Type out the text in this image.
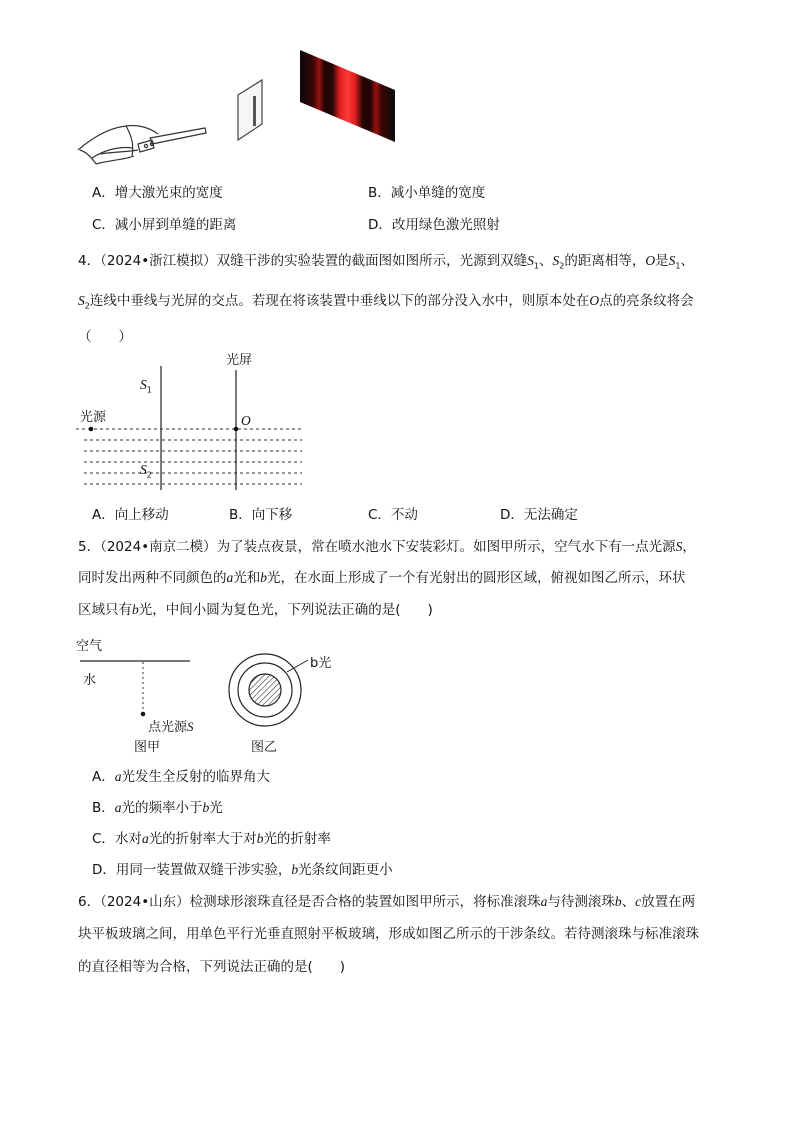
A．增大激光束的宽度	B．减小单缝的宽度
C．减小屏到单缝的距离	D．改用绿色激光照射
4．（2024•浙江模拟）双缝干涉的实验装置的截面图如图所示，光源到双缝$S_1$、$S_2$的距离相等，O是$S_1$、
$S_2$连线中垂线与光屏的交点。若现在将该装置中垂线以下的部分没入水中，则原本处在O点的亮条纹将会
（　　）
光屏
$S_1$
光源	O
$S_2$
A．向上移动	B．向下移	C．不动	D．无法确定
5．（2024•南京二模）为了装点夜景，常在喷水池水下安装彩灯。如图甲所示，空气水下有一点光源S，
同时发出两种不同颜色的a光和b光，在水面上形成了一个有光射出的圆形区域，俯视如图乙所示，环状
区域只有b光，中间小圆为复色光，下列说法正确的是(　　)
空气
水
点光源S
图甲	图乙
b光
A．a光发生全反射的临界角大
B．a光的频率小于b光
C．水对a光的折射率大于对b光的折射率
D．用同一装置做双缝干涉实验，b光条纹间距更小
6．（2024•山东）检测球形滚珠直径是否合格的装置如图甲所示，将标准滚珠a与待测滚珠b、c放置在两
块平板玻璃之间，用单色平行光垂直照射平板玻璃，形成如图乙所示的干涉条纹。若待测滚珠与标准滚珠
的直径相等为合格，下列说法正确的是(　　)
